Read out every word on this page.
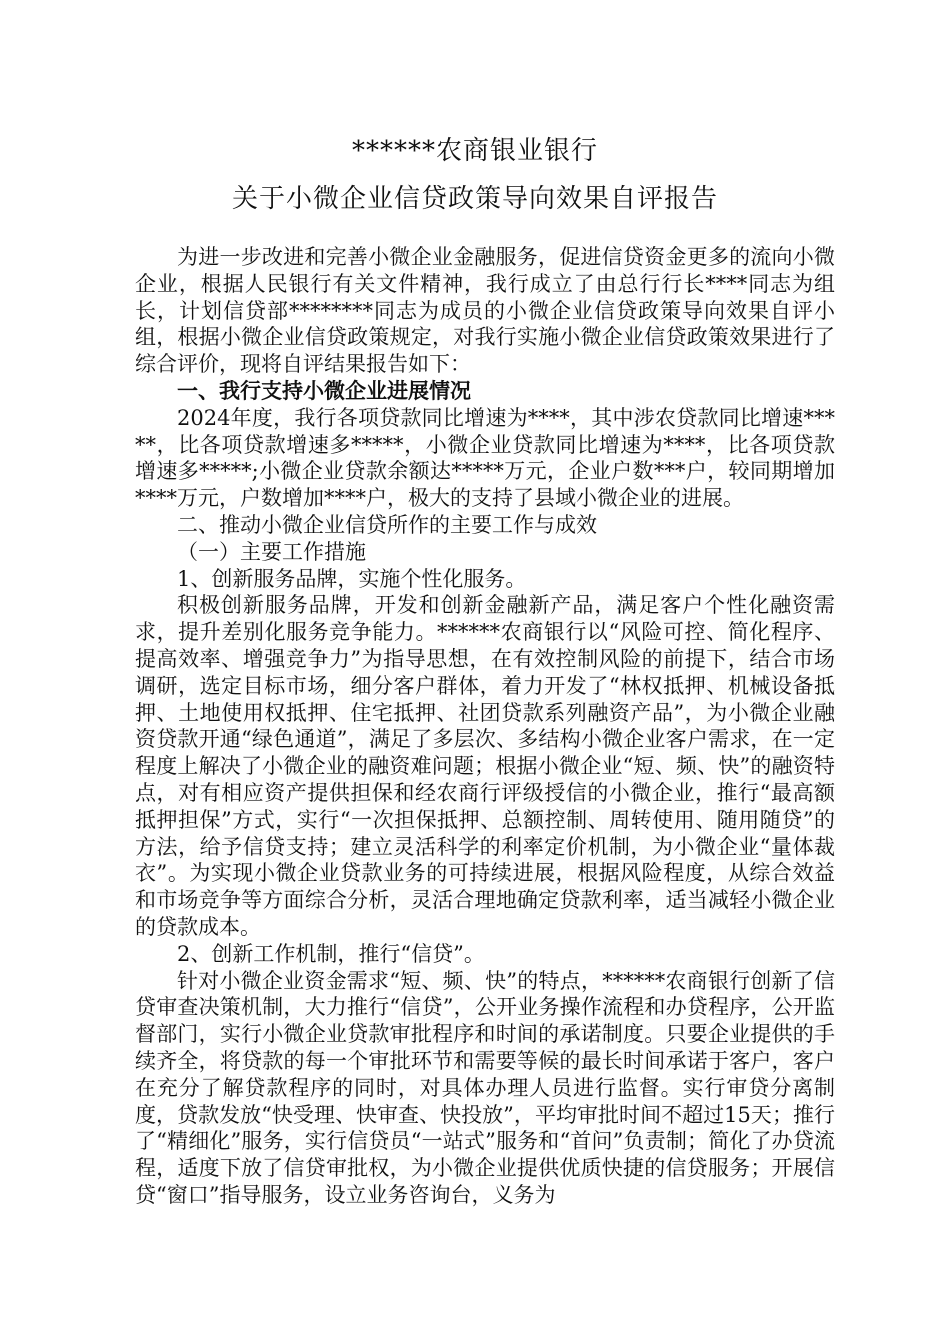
******农商银业银行
关于小微企业信贷政策导向效果自评报告

为进一步改进和完善小微企业金融服务，促进信贷资金更多的流向小微企业，根据人民银行有关文件精神，我行成立了由总行行长****同志为组长，计划信贷部********同志为成员的小微企业信贷政策导向效果自评小组，根据小微企业信贷政策规定，对我行实施小微企业信贷政策效果进行了综合评价，现将自评结果报告如下：

一、我行支持小微企业进展情况

2024年度，我行各项贷款同比增速为****，其中涉农贷款同比增速*****，比各项贷款增速多*****，小微企业贷款同比增速为****，比各项贷款增速多*****;小微企业贷款余额达*****万元，企业户数***户，较同期增加****万元，户数增加****户，极大的支持了县域小微企业的进展。

二、推动小微企业信贷所作的主要工作与成效

（一）主要工作措施

1、创新服务品牌，实施个性化服务。

积极创新服务品牌，开发和创新金融新产品，满足客户个性化融资需求，提升差别化服务竞争能力。******农商银行以“风险可控、简化程序、提高效率、增强竞争力”为指导思想，在有效控制风险的前提下，结合市场调研，选定目标市场，细分客户群体，着力开发了“林权抵押、机械设备抵押、土地使用权抵押、住宅抵押、社团贷款系列融资产品”，为小微企业融资贷款开通“绿色通道”，满足了多层次、多结构小微企业客户需求，在一定程度上解决了小微企业的融资难问题；根据小微企业“短、频、快”的融资特点，对有相应资产提供担保和经农商行评级授信的小微企业，推行“最高额抵押担保”方式，实行“一次担保抵押、总额控制、周转使用、随用随贷”的方法，给予信贷支持；建立灵活科学的利率定价机制，为小微企业“量体裁衣”。为实现小微企业贷款业务的可持续进展，根据风险程度，从综合效益和市场竞争等方面综合分析，灵活合理地确定贷款利率，适当减轻小微企业的贷款成本。

2、创新工作机制，推行“信贷”。

针对小微企业资金需求“短、频、快”的特点，******农商银行创新了信贷审查决策机制，大力推行“信贷”，公开业务操作流程和办贷程序，公开监督部门，实行小微企业贷款审批程序和时间的承诺制度。只要企业提供的手续齐全，将贷款的每一个审批环节和需要等候的最长时间承诺于客户，客户在充分了解贷款程序的同时，对具体办理人员进行监督。实行审贷分离制度，贷款发放“快受理、快审查、快投放”，平均审批时间不超过15天；推行了“精细化”服务，实行信贷员“一站式”服务和“首问”负责制；简化了办贷流程，适度下放了信贷审批权，为小微企业提供优质快捷的信贷服务；开展信贷“窗口”指导服务，设立业务咨询台，义务为
